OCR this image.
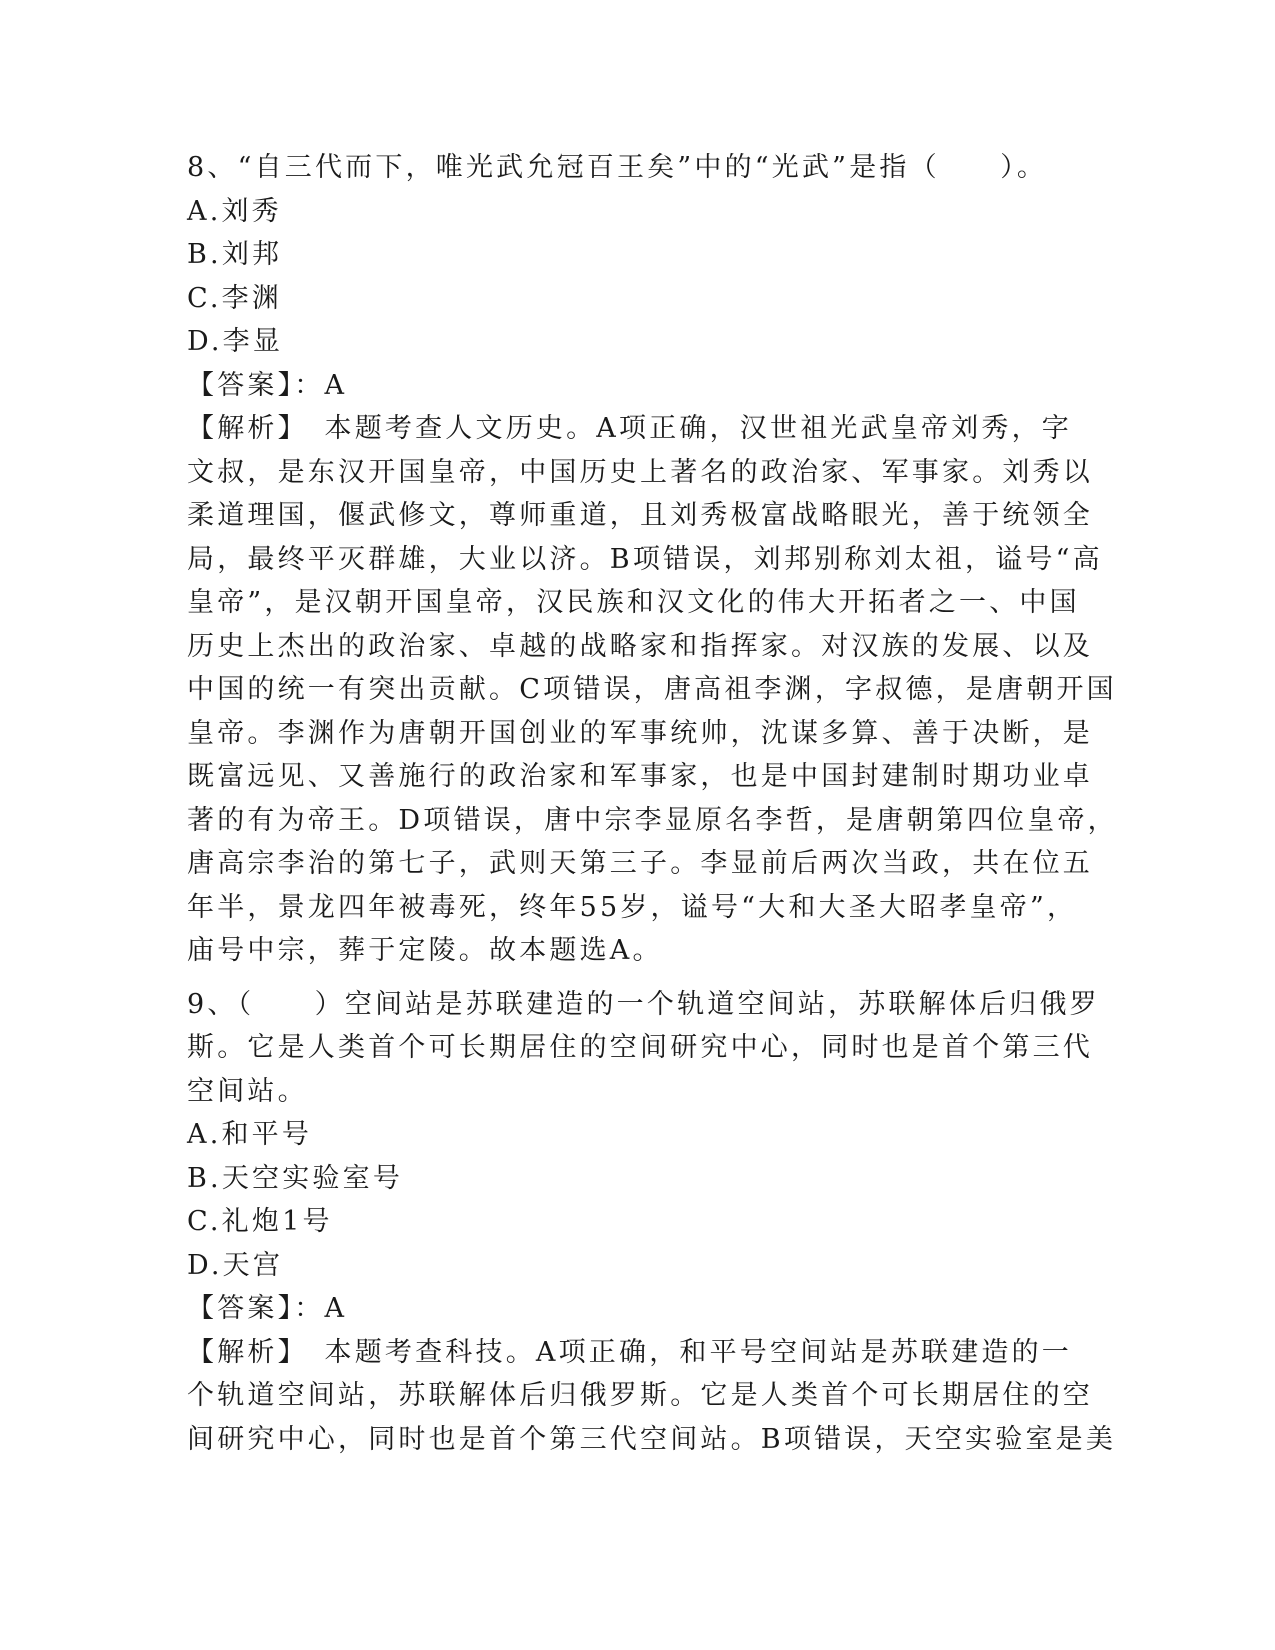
8、“自三代而下，唯光武允冠百王矣”中的“光武”是指（　　）。

A.刘秀

B.刘邦

C.李渊

D.李显

【答案】：A

【解析】　本题考查人文历史。A项正确，汉世祖光武皇帝刘秀，字

文叔，是东汉开国皇帝，中国历史上著名的政治家、军事家。刘秀以

柔道理国，偃武修文，尊师重道，且刘秀极富战略眼光，善于统领全

局，最终平灭群雄，大业以济。B项错误，刘邦别称刘太祖，谥号“高

皇帝”，是汉朝开国皇帝，汉民族和汉文化的伟大开拓者之一、中国

历史上杰出的政治家、卓越的战略家和指挥家。对汉族的发展、以及

中国的统一有突出贡献。C项错误，唐高祖李渊，字叔德，是唐朝开国

皇帝。李渊作为唐朝开国创业的军事统帅，沈谋多算、善于决断，是

既富远见、又善施行的政治家和军事家，也是中国封建制时期功业卓

著的有为帝王。D项错误，唐中宗李显原名李哲，是唐朝第四位皇帝，

唐高宗李治的第七子，武则天第三子。李显前后两次当政，共在位五

年半，景龙四年被毒死，终年55岁，谥号“大和大圣大昭孝皇帝”，

庙号中宗，葬于定陵。故本题选A。

9、（　　）空间站是苏联建造的一个轨道空间站，苏联解体后归俄罗

斯。它是人类首个可长期居住的空间研究中心，同时也是首个第三代

空间站。

A.和平号

B.天空实验室号

C.礼炮1号

D.天宫

【答案】：A

【解析】　本题考查科技。A项正确，和平号空间站是苏联建造的一

个轨道空间站，苏联解体后归俄罗斯。它是人类首个可长期居住的空

间研究中心，同时也是首个第三代空间站。B项错误，天空实验室是美
